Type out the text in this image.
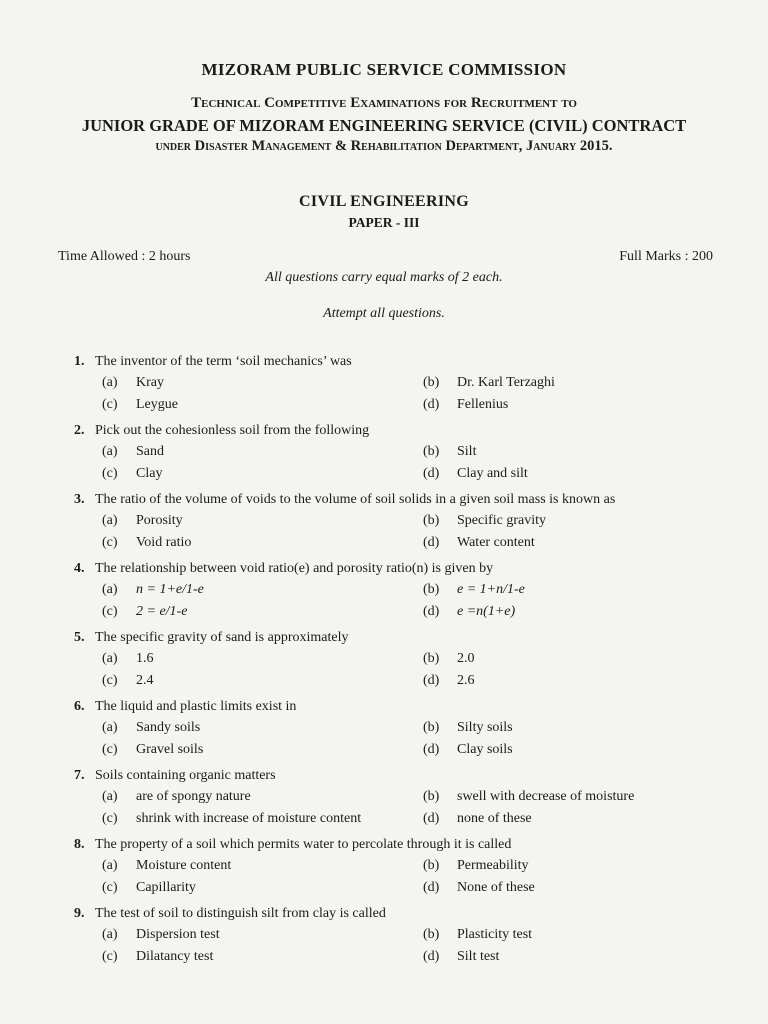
MIZORAM PUBLIC SERVICE COMMISSION
Technical Competitive Examinations for Recruitment to
JUNIOR GRADE OF MIZORAM ENGINEERING SERVICE (CIVIL) CONTRACT
under Disaster Management & Rehabilitation Department, January 2015.
CIVIL ENGINEERING
PAPER - III
Time Allowed : 2 hours	Full Marks : 200
All questions carry equal marks of 2 each.
Attempt all questions.
1. The inventor of the term ‘soil mechanics’ was
(a)	Kray	(b)	Dr. Karl Terzaghi
(c)	Leygue	(d)	Fellenius
2. Pick out the cohesionless soil from the following
(a)	Sand	(b)	Silt
(c)	Clay	(d)	Clay and silt
3. The ratio of the volume of voids to the volume of soil solids in a given soil mass is known as
(a)	Porosity	(b)	Specific gravity
(c)	Void ratio	(d)	Water content
4. The relationship between void ratio(e) and porosity ratio(n) is given by
(a)	n = 1+e/1-e	(b)	e = 1+n/1-e
(c)	2 = e/1-e	(d)	e =n(1+e)
5. The specific gravity of sand is approximately
(a)	1.6	(b)	2.0
(c)	2.4	(d)	2.6
6. The liquid and plastic limits exist in
(a)	Sandy soils	(b)	Silty soils
(c)	Gravel soils	(d)	Clay soils
7. Soils containing organic matters
(a)	are of spongy nature	(b)	swell with decrease of moisture
(c)	shrink with increase of moisture content	(d)	none of these
8. The property of a soil which permits water to percolate through it is called
(a)	Moisture content	(b)	Permeability
(c)	Capillarity	(d)	None of these
9. The test of soil to distinguish silt from clay is called
(a)	Dispersion test	(b)	Plasticity test
(c)	Dilatancy test	(d)	Silt test
